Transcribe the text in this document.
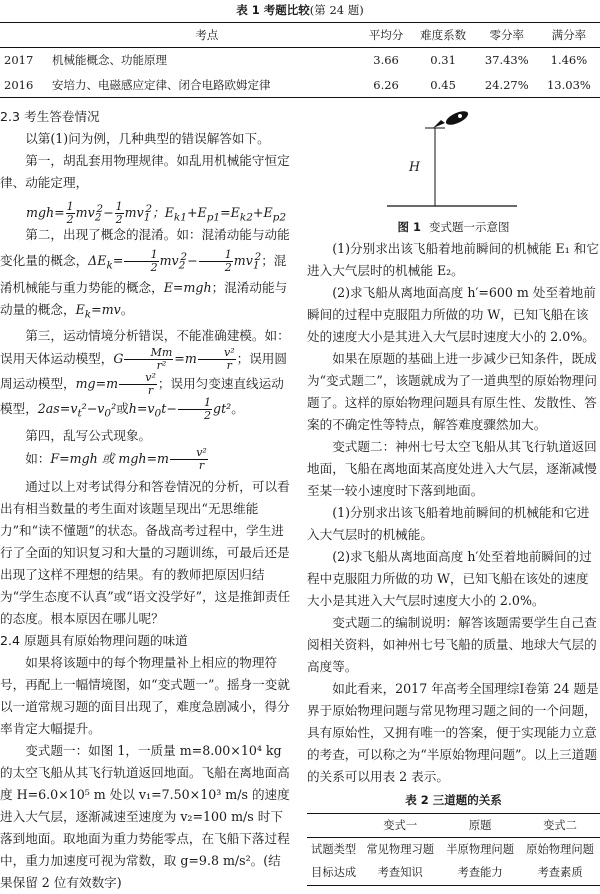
表 1 考题比较(第 24 题)
	考点	平均分	难度系数	零分率	满分率
2017	机械能概念、功能原理	3.66	0.31	37.43%	1.46%
2016	安培力、电磁感应定律、闭合电路欧姆定律	6.26	0.45	24.27%	13.03%
2.3 考生答卷情况
以第(1)问为例，几种典型的错误解答如下。
第一，胡乱套用物理规律。如乱用机械能守恒定律、动能定理，
$mgh= \frac{1}{2} mv_2^2- \frac{1}{2} mv_1^2$；$E_{k1}+E_{p1}=E_{k2}+E_{p2}$
第二，出现了概念的混淆。如：混淆动能与动能变化量的概念，$\Delta E_k= \frac{1}{2} mv_2^2- \frac{1}{2} mv_1^2$；混淆机械能与重力势能的概念，E=mgh；混淆动能与动量的概念，$E_k=mv$。
第三，运动情境分析错误，不能准确建模。如：误用天体运动模型，G $\frac{Mm}{\text{r²}} =m \frac{\text{v²}}{r}$ ；误用圆周运动模型，$mg=m \frac{\text{v²}}{r}$ ；误用匀变速直线运动模型，$2as=v_t^2-v_0^2$或$h=v_0t- \frac{1}{2} gt^2$。
第四，乱写公式现象。
如：F=mgh 或 $mgh=m \frac{\text{v²}}{r}$
通过以上对考试得分和答卷情况的分析，可以看出有相当数量的考生面对该题呈现出“无思维能力”和“读不懂题”的状态。备战高考过程中，学生进行了全面的知识复习和大量的习题训练，可最后还是出现了这样不理想的结果。有的教师把原因归结为“学生态度不认真”或“语文没学好”，这是推卸责任的态度。根本原因在哪儿呢？
2.4 原题具有原始物理问题的味道
如果将该题中的每个物理量补上相应的物理符号，再配上一幅情境图，如“变式题一”。摇身一变就以一道常规习题的面目出现了，难度急剧减小，得分率肯定大幅提升。
变式题一：如图 1，一质量 m=8.00×10⁴ kg 的太空飞船从其飞行轨道返回地面。飞船在离地面高度 H=6.0×10⁵ m 处以 v₁=7.50×10³ m/s 的速度进入大气层，逐渐减速至速度为 v₂=100 m/s 时下落到地面。取地面为重力势能零点，在飞船下落过程中，重力加速度可视为常数，取 g=9.8 m/s²。(结果保留 2 位有效数字)
H
图 1 变式题一示意图
(1)分别求出该飞船着地前瞬间的机械能 E₁ 和它进入大气层时的机械能 E₂。
(2)求飞船从离地面高度 h′=600 m 处至着地前瞬间的过程中克服阻力所做的功 W，已知飞船在该处的速度大小是其进入大气层时速度大小的 2.0%。
如果在原题的基础上进一步减少已知条件，既成为“变式题二”，该题就成为了一道典型的原始物理问题了。这样的原始物理问题具有原生性、发散性、答案的不确定性等特点，解答难度骤然加大。
变式题二：神州七号太空飞船从其飞行轨道返回地面，飞船在离地面某高度处进入大气层，逐渐减慢至某一较小速度时下落到地面。
(1)分别求出该飞船着地前瞬间的机械能和它进入大气层时的机械能。
(2)求飞船从离地面高度 h′处至着地前瞬间的过程中克服阻力所做的功 W，已知飞船在该处的速度大小是其进入大气层时速度大小的 2.0%。
变式题二的编制说明：解答该题需要学生自己查阅相关资料，如神州七号飞船的质量、地球大气层的高度等。
如此看来，2017 年高考全国理综Ⅰ卷第 24 题是界于原始物理问题与常见物理习题之间的一个问题，具有原始性，又拥有唯一的答案，便于实现能力立意的考查，可以称之为“半原始物理问题”。以上三道题的关系可以用表 2 表示。
表 2 三道题的关系
	变式一	原题	变式二
试题类型	常见物理习题	半原物理问题	原始物理问题
目标达成	考查知识	考查能力	考查素质
